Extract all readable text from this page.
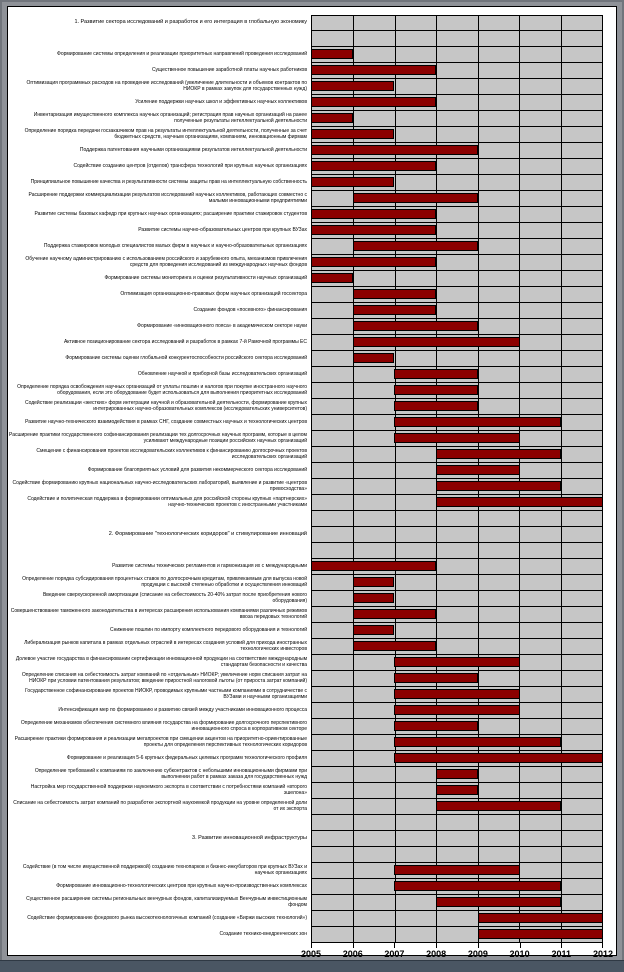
1. Развитие сектора исследований и разработок и его интеграция в глобальную экономику
Формирование системы определения и реализации приоритетных направлений проведения исследований
Существенное повышение заработной платы научных работников
Оптимизация программных расходов на проведение исследований (увеличение длительности и объемов контрактов по НИОКР в рамках закупок для государственных нужд)
Усиление поддержки научных школ и эффективных научных коллективов
Инвентаризация имущественного комплекса научных организаций; регистрация прав научных организаций на ранее полученные результаты интеллектуальной деятельности
Определение порядка передачи госзаказчиком прав на результаты интеллектуальной деятельности, полученные за счет бюджетных средств, научным организациям, компаниям, инновационным фирмам
Поддержка патентования научными организациями результатов интеллектуальной деятельности
Содействие созданию центров (отделов) трансфера технологий при крупных научных организациях
Принципиальное повышение качества и результативности системы защиты прав на интеллектуальную собственность
Расширение поддержки коммерциализации результатов исследований научных коллективов, работающих совместно с малыми инновационными предприятиями
Развитие системы базовых кафедр при крупных научных организациях; расширение практики стажировок студентов
Развитие системы научно-образовательных центров при крупных ВУЗах
Поддержка стажировок молодых специалистов малых фирм в научных и научно-образовательных организациях
Обучение научному администрированию с использованием российского и зарубежного опыта, механизмов привлечения средств для проведения исследований из международных научных фондов
Формирование системы мониторинга и оценки результативности научных организаций
Оптимизация организационно-правовых форм научных организаций госсектора
Создание фондов «посевного» финансирования
Формирование «инновационного пояса» в академическом секторе науки
Активное позиционирование сектора исследований и разработок в рамках 7-й Рамочной программы ЕС
Формирование системы оценки глобальной конкурентоспособности российского сектора исследований
Обновление научной и приборной базы исследовательских организаций
Определение порядка освобождения научных организаций от уплаты пошлин и налогов при покупке иностранного научного оборудования, если это оборудование будет использоваться для выполнения приоритетных исследований
Содействие реализации «жестких» форм интеграции научной и образовательной деятельности, формирование крупных интегрированных научно-образовательных комплексов (исследовательских университетов)
Развитие научно-технического взаимодействия в рамках СНГ, создание совместных научных и технологических центров
Расширение практики государственного софинансирования реализации тех долгосрочных научных программ, которые в целом усиливают международные позиции российских научных организаций
Смещение с финансирования проектов исследовательских коллективов к финансированию долгосрочных проектов исследовательских организаций
Формирование благоприятных условий для развития некоммерческого сектора исследований
Содействие формированию крупных национальных научно-исследовательских лабораторий, выявление и развитие «центров превосходства»
Содействие и политическая поддержка в формировании оптимальных для российской стороны крупных «партнерских» научно-технических проектов с иностранными участниками
2. Формирование "технологических коридоров" и стимулирование инноваций
Развитие системы технических регламентов и гармонизация их с международными
Определение порядка субсидирования процентных ставок по долгосрочным кредитам, привлекаемым для выпуска новой продукции с высокой степенью обработки и осуществления инноваций
Введение сверхускоренной амортизации (списание на себестоимость 20-40% затрат после приобретения нового оборудования)
Совершенствование таможенного законодательства в интересах расширения использования компаниями различных режимов ввоза передовых технологий
Снижение пошлин по импорту комплектного передового оборудования и технологий
Либерализация рынков капитала в рамках отдельных отраслей в интересах создания условий для прихода иностранных технологических инвесторов
Долевое участие государства в финансировании сертификации инновационной продукции на соответствие международным стандартам безопасности и качества
Определение списания на себестоимость затрат компаний по «отдельным» НИОКР; увеличение норм списания затрат на НИОКР при условии патентования результатов; введение приростной налоговой льготы (от прироста затрат компаний)
Государственное софинансирование проектов НИОКР, проводимых крупными частными компаниями в сотрудничестве с ВУЗами и научными организациями
Интенсификация мер по формированию и развитию связей между участниками инновационного процесса
Определение механизмов обеспечения системного влияния государства на формирование долгосрочного перспективного инновационного спроса в корпоративном секторе
Расширение практики формирования и реализации мегапроектов при смещении акцентов на приоритетно-ориентированные проекты для определения перспективных технологических коридоров
Формирование и реализация 5-6 крупных федеральных целевых программ технологического профиля
Определение требований к компаниям по заключению субконтрактов с небольшими инновационными фирмами при выполнении работ в рамках заказа для государственных нужд
Настройка мер государственной поддержки наукоемкого экспорта в соответствии с потребностями компаний «второго эшелона»
Списание на себестоимость затрат компаний по разработке экспортной наукоемкой продукции на уровне определенной доли от их экспорта
3. Развитие инновационной инфраструктуры
Содействие (в том числе имущественной поддержкой) созданию технопарков и бизнес-инкубаторов при крупных ВУЗах и научных организациях
Формирование инновационно-технологических центров при крупных научно-производственных комплексах
Существенное расширение системы региональных венчурных фондов, капитализируемых Венчурным инвестиционным фондом
Содействие формированию фондового рынка высокотехнологичных компаний (создание «Биржи высоких технологий»)
Создание технико-внедренческих зон
2005	2006	2007	2008	2009	2010	2011	2012
